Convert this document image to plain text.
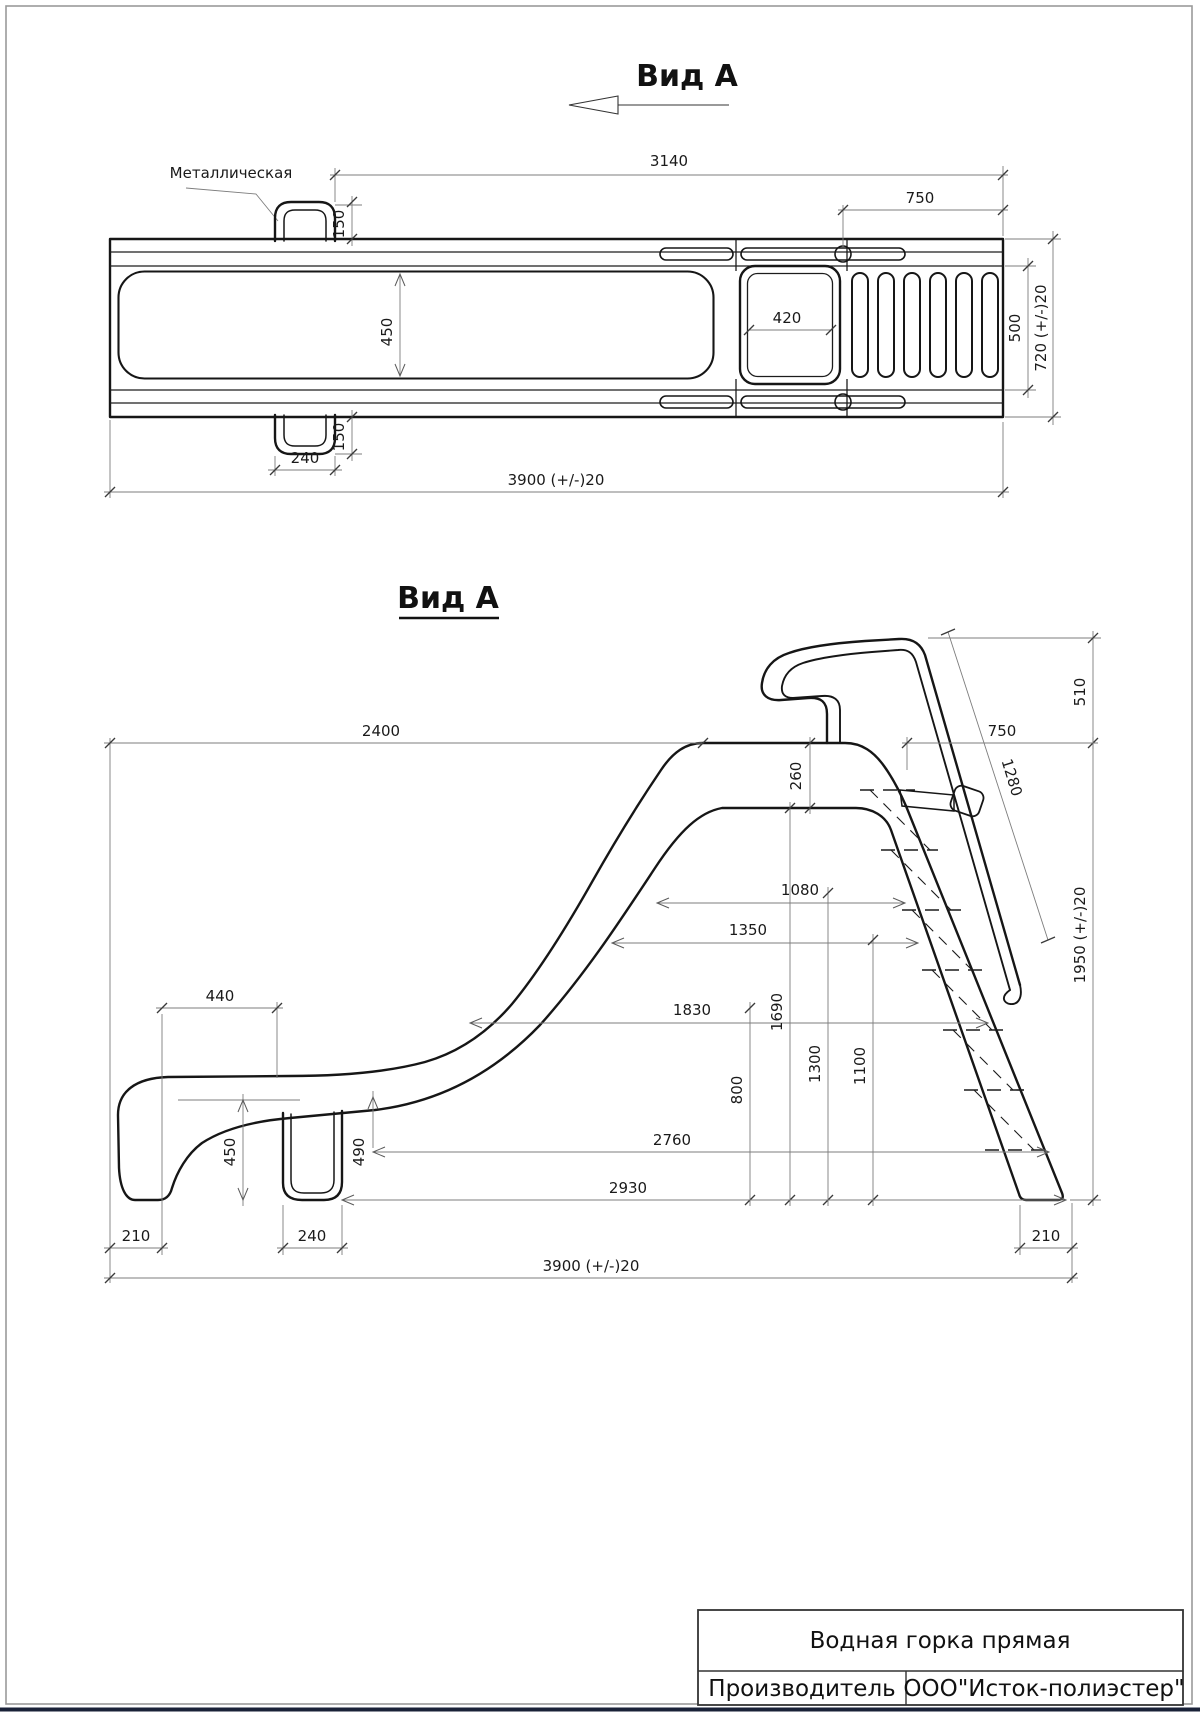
Вид А
Металлическая
3140
750
150
450	420	500 720 (+/-)20
150
240
3900 (+/-)20
Вид А
2400
260
750
510
1950 (+/-)20
1280
1080
1350
1830
800
1690
1300 1100
2760
2930
440
450	490
210	240	210
3900 (+/-)20
Водная горка прямая
Производитель ООО"Исток-полиэстер"
